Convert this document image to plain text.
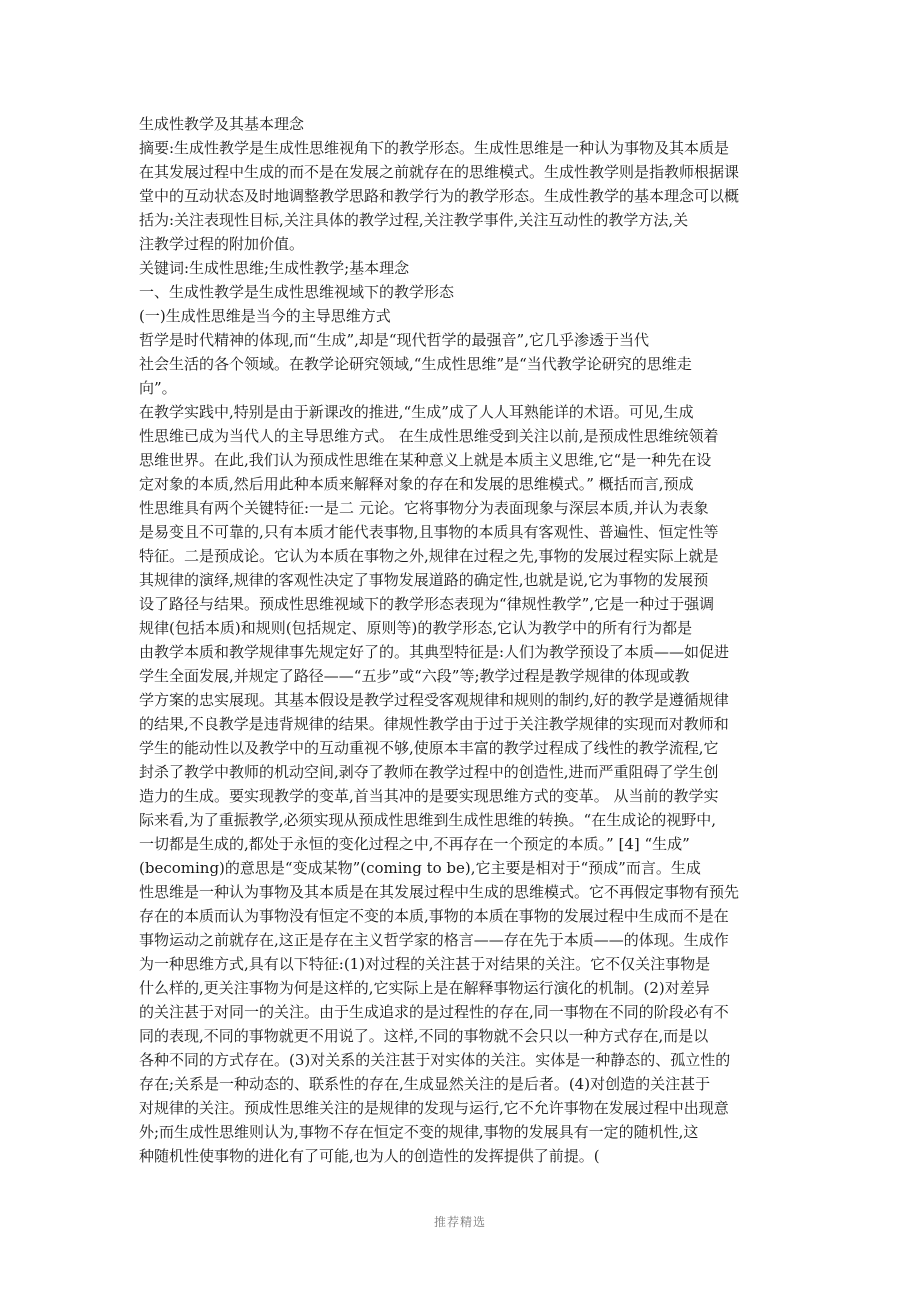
生成性教学及其基本理念
摘要:生成性教学是生成性思维视角下的教学形态。生成性思维是一种认为事物及其本质是
在其发展过程中生成的而不是在发展之前就存在的思维模式。生成性教学则是指教师根据课
堂中的互动状态及时地调整教学思路和教学行为的教学形态。生成性教学的基本理念可以概
括为:关注表现性目标,关注具体的教学过程,关注教学事件,关注互动性的教学方法,关
注教学过程的附加价值。
关键词:生成性思维;生成性教学;基本理念
一、生成性教学是生成性思维视域下的教学形态
(一)生成性思维是当今的主导思维方式
哲学是时代精神的体现,而“生成”,却是“现代哲学的最强音”,它几乎渗透于当代
社会生活的各个领域。在教学论研究领域,“生成性思维”是“当代教学论研究的思维走
向”。
在教学实践中,特别是由于新课改的推进,“生成”成了人人耳熟能详的术语。可见,生成
性思维已成为当代人的主导思维方式。 在生成性思维受到关注以前,是预成性思维统领着
思维世界。在此,我们认为预成性思维在某种意义上就是本质主义思维,它“是一种先在设
定对象的本质,然后用此种本质来解释对象的存在和发展的思维模式。” 概括而言,预成
性思维具有两个关键特征:一是二 元论。它将事物分为表面现象与深层本质,并认为表象
是易变且不可靠的,只有本质才能代表事物,且事物的本质具有客观性、普遍性、恒定性等
特征。二是预成论。它认为本质在事物之外,规律在过程之先,事物的发展过程实际上就是
其规律的演绎,规律的客观性决定了事物发展道路的确定性,也就是说,它为事物的发展预
设了路径与结果。预成性思维视域下的教学形态表现为“律规性教学”,它是一种过于强调
规律(包括本质)和规则(包括规定、原则等)的教学形态,它认为教学中的所有行为都是
由教学本质和教学规律事先规定好了的。其典型特征是:人们为教学预设了本质——如促进
学生全面发展,并规定了路径——“五步”或“六段”等;教学过程是教学规律的体现或教
学方案的忠实展现。其基本假设是教学过程受客观规律和规则的制约,好的教学是遵循规律
的结果,不良教学是违背规律的结果。律规性教学由于过于关注教学规律的实现而对教师和
学生的能动性以及教学中的互动重视不够,使原本丰富的教学过程成了线性的教学流程,它
封杀了教学中教师的机动空间,剥夺了教师在教学过程中的创造性,进而严重阻碍了学生创
造力的生成。要实现教学的变革,首当其冲的是要实现思维方式的变革。 从当前的教学实
际来看,为了重振教学,必须实现从预成性思维到生成性思维的转换。“在生成论的视野中,
一切都是生成的,都处于永恒的变化过程之中,不再存在一个预定的本质。” [4] “生成”
(becoming)的意思是“变成某物”(coming to be),它主要是相对于“预成”而言。生成
性思维是一种认为事物及其本质是在其发展过程中生成的思维模式。它不再假定事物有预先
存在的本质而认为事物没有恒定不变的本质,事物的本质在事物的发展过程中生成而不是在
事物运动之前就存在,这正是存在主义哲学家的格言——存在先于本质——的体现。生成作
为一种思维方式,具有以下特征:(1)对过程的关注甚于对结果的关注。它不仅关注事物是
什么样的,更关注事物为何是这样的,它实际上是在解释事物运行演化的机制。(2)对差异
的关注甚于对同一的关注。由于生成追求的是过程性的存在,同一事物在不同的阶段必有不
同的表现,不同的事物就更不用说了。这样,不同的事物就不会只以一种方式存在,而是以
各种不同的方式存在。(3)对关系的关注甚于对实体的关注。实体是一种静态的、孤立性的
存在;关系是一种动态的、联系性的存在,生成显然关注的是后者。(4)对创造的关注甚于
对规律的关注。预成性思维关注的是规律的发现与运行,它不允许事物在发展过程中出现意
外;而生成性思维则认为,事物不存在恒定不变的规律,事物的发展具有一定的随机性,这
种随机性使事物的进化有了可能,也为人的创造性的发挥提供了前提。(
推荐精选
